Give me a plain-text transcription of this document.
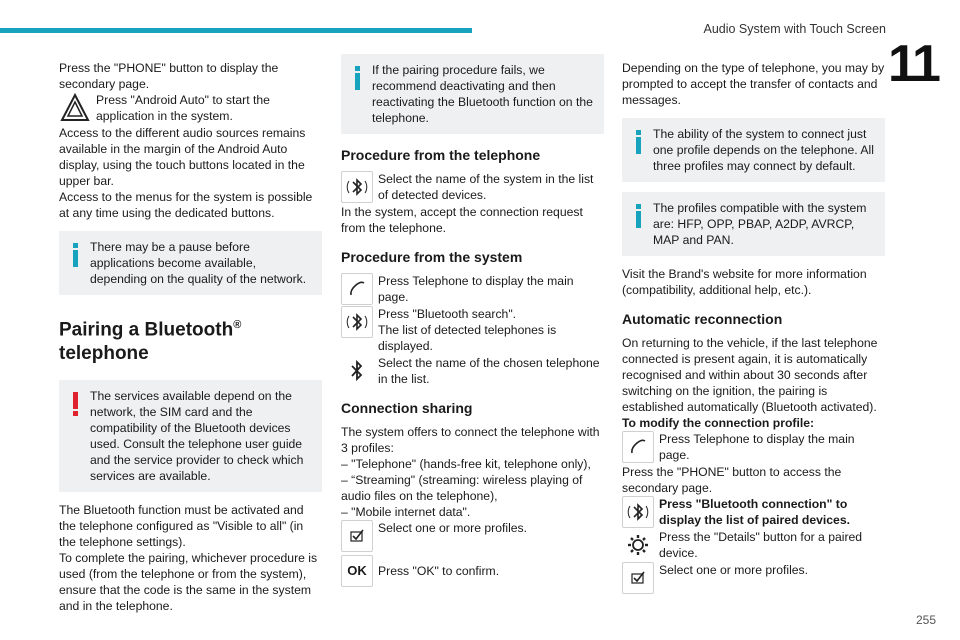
Audio System with Touch Screen
11
255

Press the "PHONE" button to display the secondary page.

Press "Android Auto" to start the application in the system.

Access to the different audio sources remains available in the margin of the Android Auto display, using the touch buttons located in the upper bar.

Access to the menus for the system is possible at any time using the dedicated buttons.

There may be a pause before applications become available, depending on the quality of the network.

Pairing a Bluetooth®
telephone

The services available depend on the network, the SIM card and the compatibility of the Bluetooth devices used. Consult the telephone user guide and the service provider to check which services are available.

The Bluetooth function must be activated and the telephone configured as "Visible to all" (in the telephone settings).

To complete the pairing, whichever procedure is used (from the telephone or from the system), ensure that the code is the same in the system and in the telephone.

If the pairing procedure fails, we recommend deactivating and then reactivating the Bluetooth function on the telephone.

Procedure from the telephone

Select the name of the system in the list of detected devices.

In the system, accept the connection request from the telephone.

Procedure from the system

Press Telephone to display the main page.

Press "Bluetooth search".

The list of detected telephones is displayed.

Select the name of the chosen telephone in the list.

Connection sharing

The system offers to connect the telephone with 3 profiles:

– "Telephone" (hands-free kit, telephone only),

– “Streaming" (streaming: wireless playing of audio files on the telephone),

– "Mobile internet data".

Select one or more profiles.

OK Press "OK" to confirm.

Depending on the type of telephone, you may by prompted to accept the transfer of contacts and messages.

The ability of the system to connect just one profile depends on the telephone. All three profiles may connect by default.

The profiles compatible with the system are: HFP, OPP, PBAP, A2DP, AVRCP, MAP and PAN.

Visit the Brand's website for more information (compatibility, additional help, etc.).

Automatic reconnection

On returning to the vehicle, if the last telephone connected is present again, it is automatically recognised and within about 30 seconds after switching on the ignition, the pairing is established automatically (Bluetooth activated).

To modify the connection profile:

Press Telephone to display the main page.

Press the "PHONE" button to access the secondary page.

Press "Bluetooth connection" to display the list of paired devices.

Press the "Details" button for a paired device.

Select one or more profiles.
